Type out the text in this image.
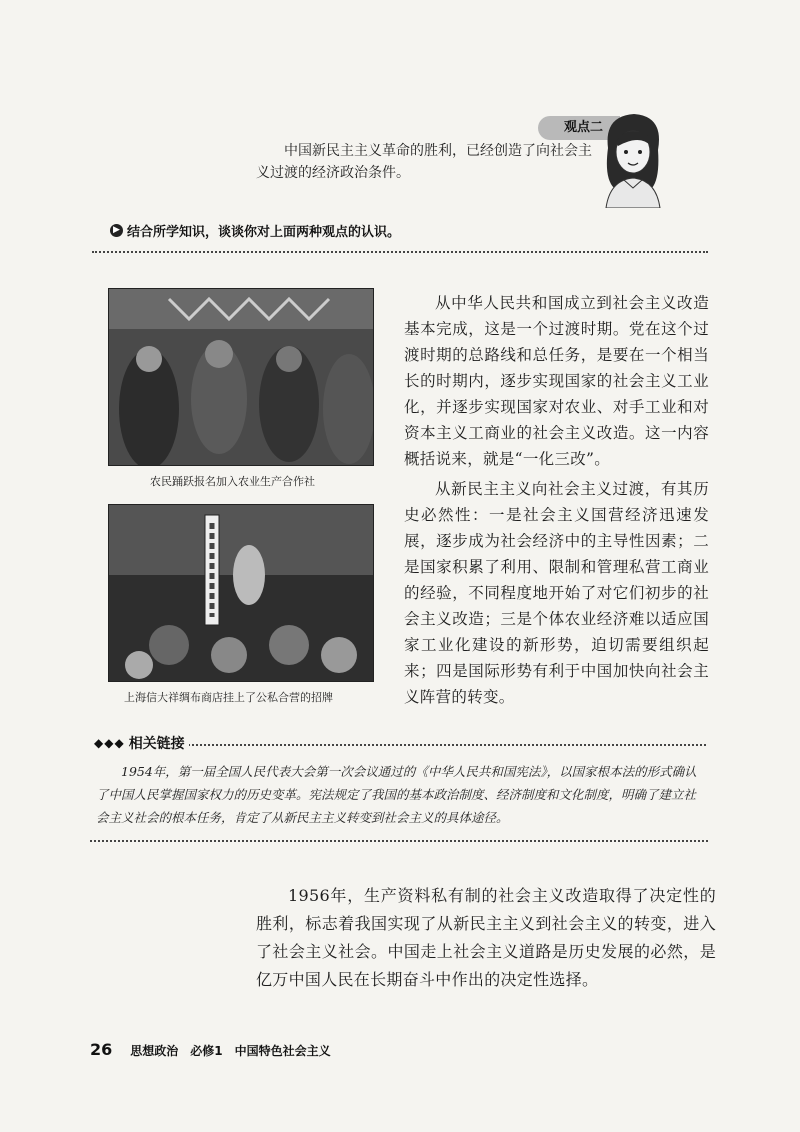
观点二
中国新民主主义革命的胜利，已经创造了向社会主义过渡的经济政治条件。
▶ 结合所学知识，谈谈你对上面两种观点的认识。
农民踊跃报名加入农业生产合作社
上海信大祥绸布商店挂上了公私合营的招牌

从中华人民共和国成立到社会主义改造基本完成，这是一个过渡时期。党在这个过渡时期的总路线和总任务，是要在一个相当长的时期内，逐步实现国家的社会主义工业化，并逐步实现国家对农业、对手工业和对资本主义工商业的社会主义改造。这一内容概括说来，就是“一化三改”。

从新民主主义向社会主义过渡，有其历史必然性：一是社会主义国营经济迅速发展，逐步成为社会经济中的主导性因素；二是国家积累了利用、限制和管理私营工商业的经验，不同程度地开始了对它们初步的社会主义改造；三是个体农业经济难以适应国家工业化建设的新形势，迫切需要组织起来；四是国际形势有利于中国加快向社会主义阵营的转变。

◆◆◆ 相关链接

1954年，第一届全国人民代表大会第一次会议通过的《中华人民共和国宪法》，以国家根本法的形式确认了中国人民掌握国家权力的历史变革。宪法规定了我国的基本政治制度、经济制度和文化制度，明确了建立社会主义社会的根本任务，肯定了从新民主主义转变到社会主义的具体途径。

1956年，生产资料私有制的社会主义改造取得了决定性的胜利，标志着我国实现了从新民主主义到社会主义的转变，进入了社会主义社会。中国走上社会主义道路是历史发展的必然，是亿万中国人民在长期奋斗中作出的决定性选择。

26 思想政治　必修1　中国特色社会主义
